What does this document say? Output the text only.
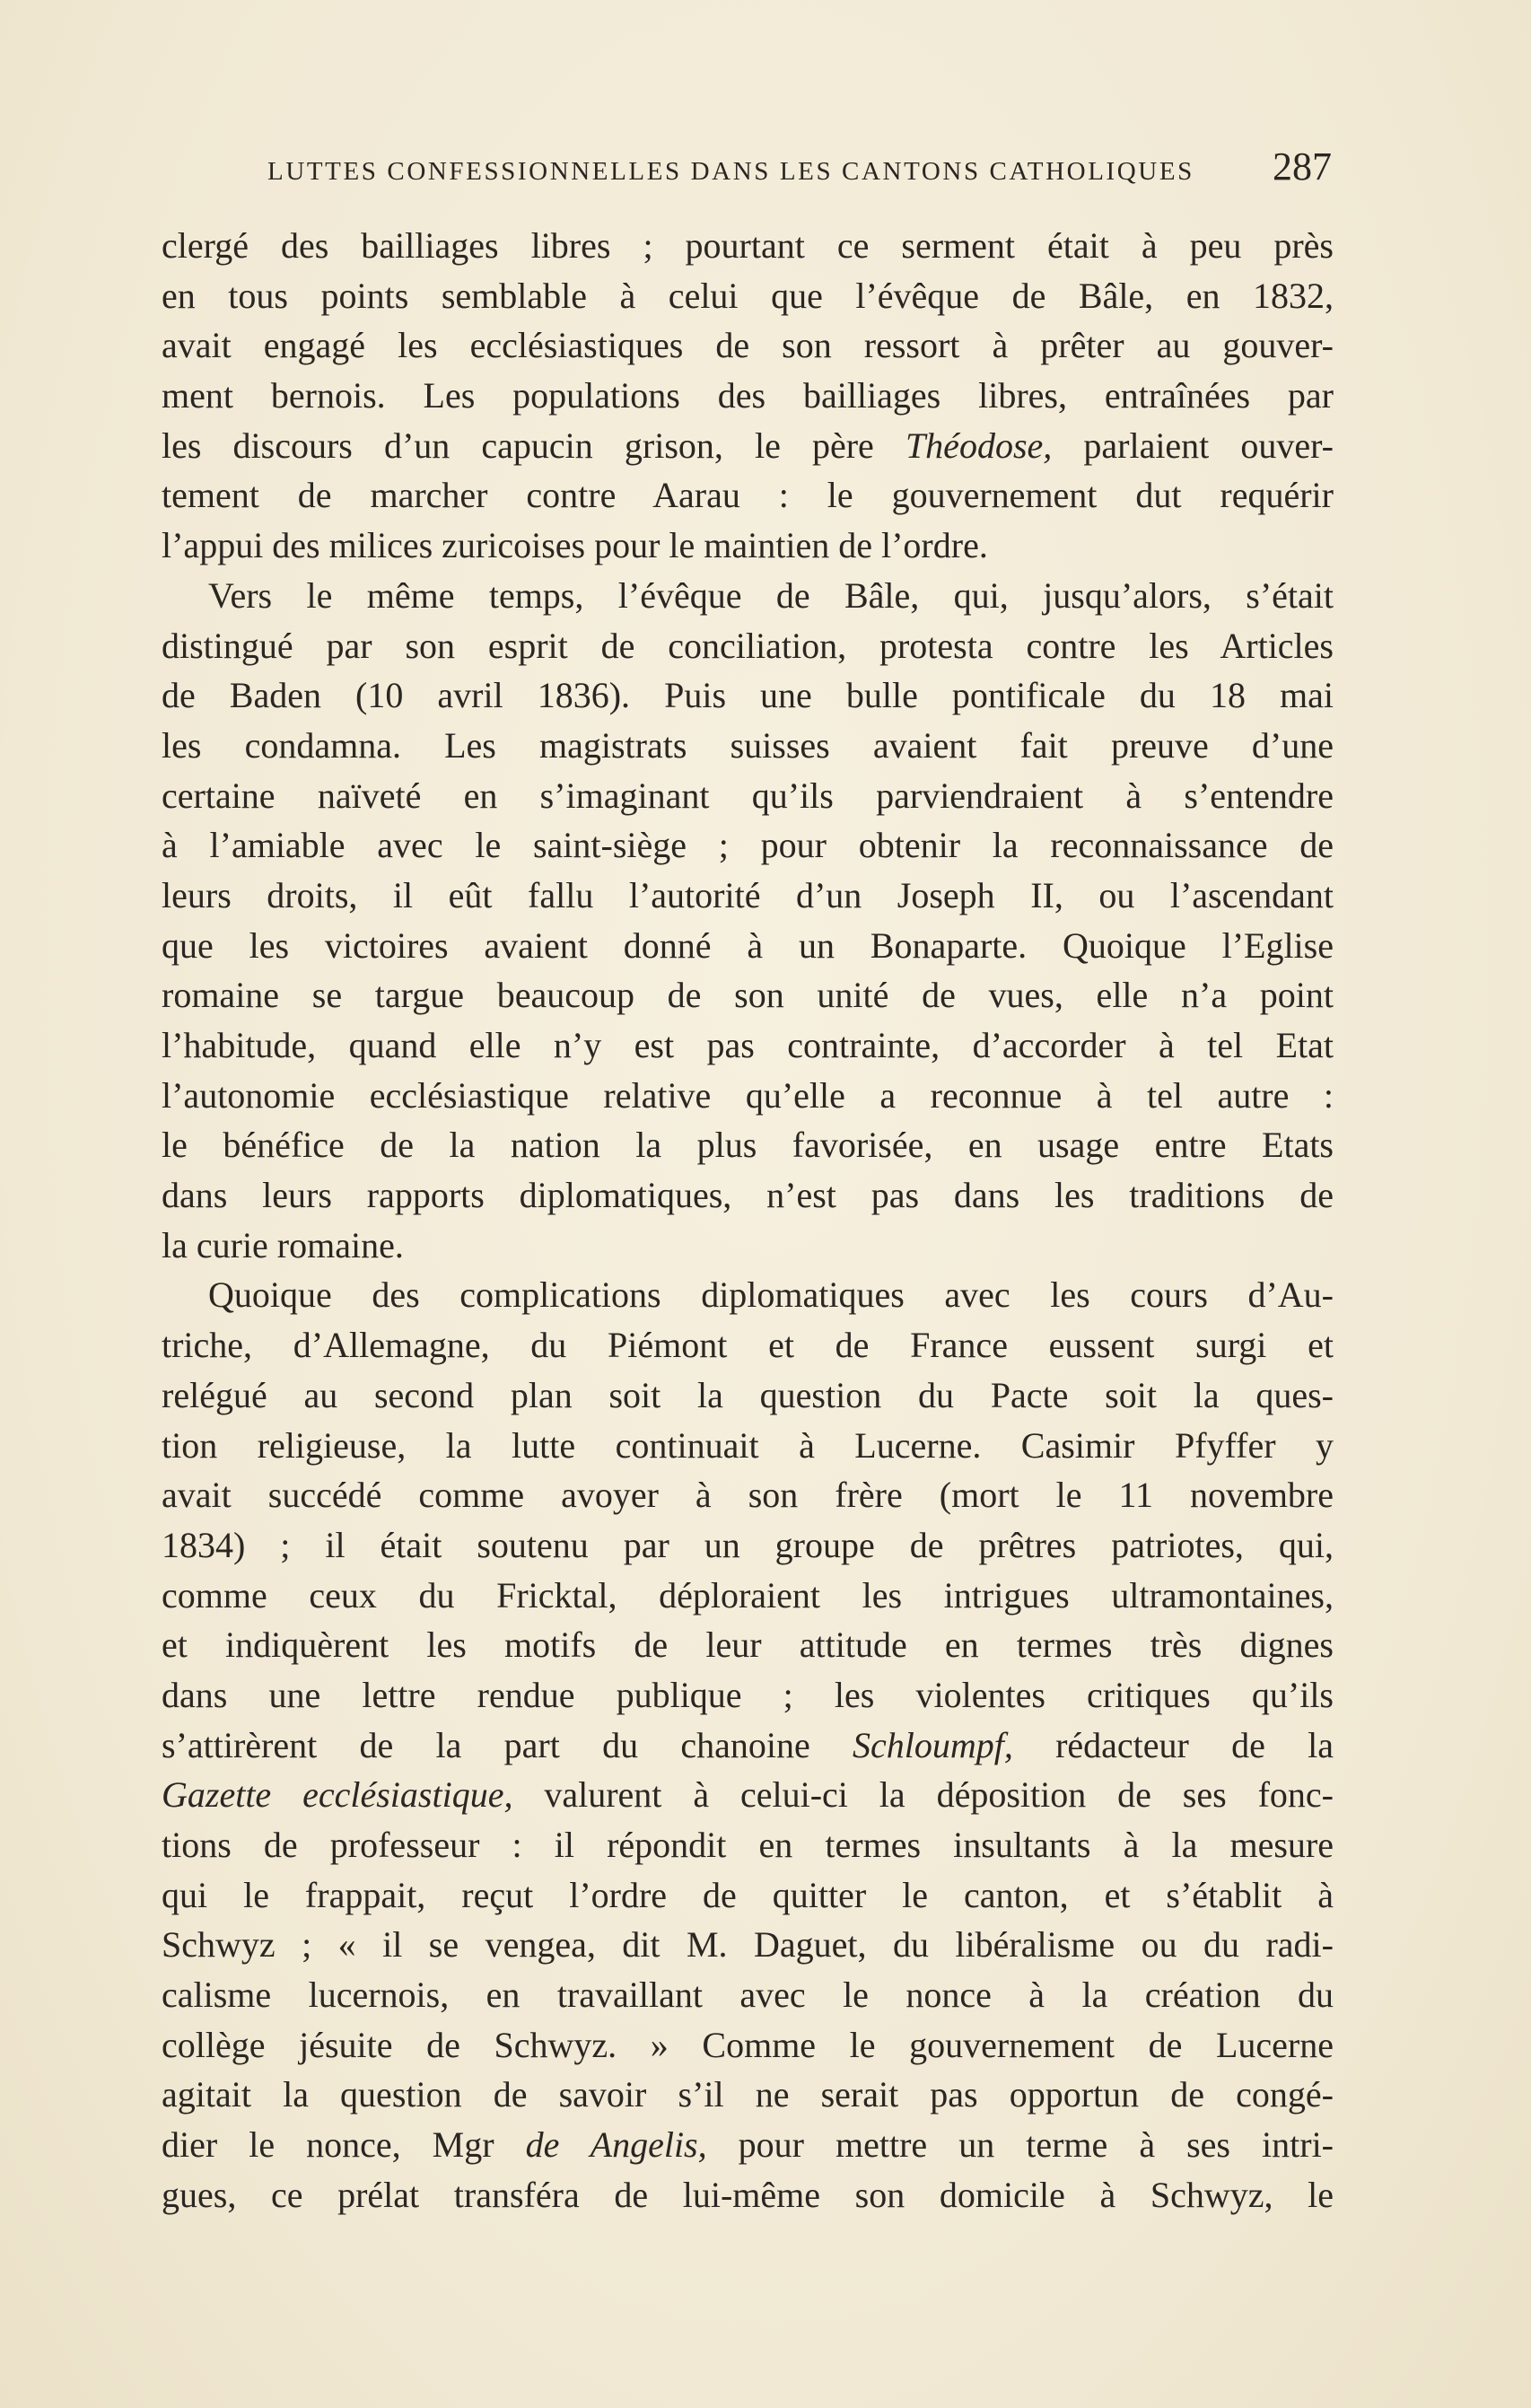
LUTTES CONFESSIONNELLES DANS LES CANTONS CATHOLIQUES 287
clergé des bailliages libres ; pourtant ce serment était à peu près
en tous points semblable à celui que l’évêque de Bâle, en 1832,
avait engagé les ecclésiastiques de son ressort à prêter au gouver-
ment bernois. Les populations des bailliages libres, entraînées par
les discours d’un capucin grison, le père Théodose, parlaient ouver-
tement de marcher contre Aarau : le gouvernement dut requérir
l’appui des milices zuricoises pour le maintien de l’ordre.
Vers le même temps, l’évêque de Bâle, qui, jusqu’alors, s’était
distingué par son esprit de conciliation, protesta contre les Articles
de Baden (10 avril 1836). Puis une bulle pontificale du 18 mai
les condamna. Les magistrats suisses avaient fait preuve d’une
certaine naïveté en s’imaginant qu’ils parviendraient à s’entendre
à l’amiable avec le saint-siège ; pour obtenir la reconnaissance de
leurs droits, il eût fallu l’autorité d’un Joseph II, ou l’ascendant
que les victoires avaient donné à un Bonaparte. Quoique l’Eglise
romaine se targue beaucoup de son unité de vues, elle n’a point
l’habitude, quand elle n’y est pas contrainte, d’accorder à tel Etat
l’autonomie ecclésiastique relative qu’elle a reconnue à tel autre :
le bénéfice de la nation la plus favorisée, en usage entre Etats
dans leurs rapports diplomatiques, n’est pas dans les traditions de
la curie romaine.
Quoique des complications diplomatiques avec les cours d’Au-
triche, d’Allemagne, du Piémont et de France eussent surgi et
relégué au second plan soit la question du Pacte soit la ques-
tion religieuse, la lutte continuait à Lucerne. Casimir Pfyffer y
avait succédé comme avoyer à son frère (mort le 11 novembre
1834) ; il était soutenu par un groupe de prêtres patriotes, qui,
comme ceux du Fricktal, déploraient les intrigues ultramontaines,
et indiquèrent les motifs de leur attitude en termes très dignes
dans une lettre rendue publique ; les violentes critiques qu’ils
s’attirèrent de la part du chanoine Schloumpf, rédacteur de la
Gazette ecclésiastique, valurent à celui-ci la déposition de ses fonc-
tions de professeur : il répondit en termes insultants à la mesure
qui le frappait, reçut l’ordre de quitter le canton, et s’établit à
Schwyz ; « il se vengea, dit M. Daguet, du libéralisme ou du radi-
calisme lucernois, en travaillant avec le nonce à la création du
collège jésuite de Schwyz. » Comme le gouvernement de Lucerne
agitait la question de savoir s’il ne serait pas opportun de congé-
dier le nonce, Mgr de Angelis, pour mettre un terme à ses intri-
gues, ce prélat transféra de lui-même son domicile à Schwyz, le
